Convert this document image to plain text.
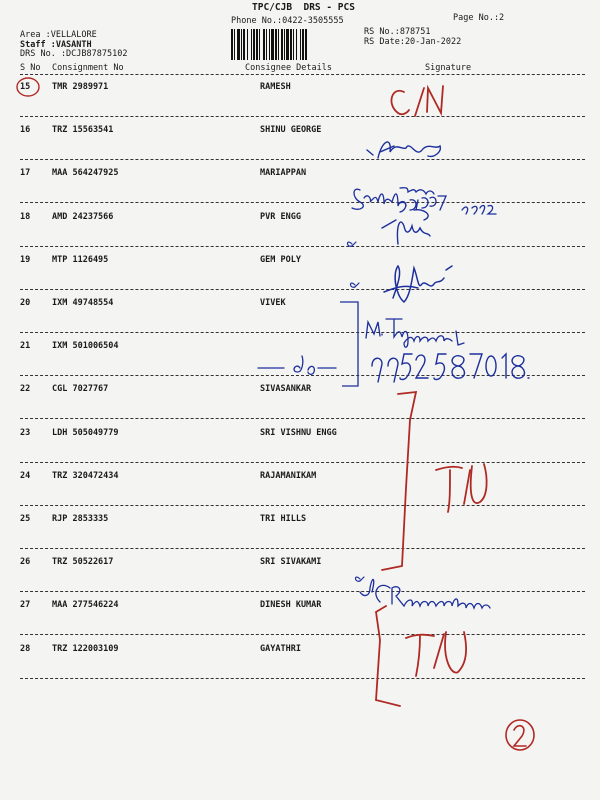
TPC/CJB  DRS - PCS
Phone No.:0422-3505555	Page No.:2
RS No.:878751
RS Date:20-Jan-2022
Area :VELLALORE
Staff :VASANTH
DRS No. :DCJB87875102
S No Consignment No	Consignee Details	Signature
15	TMR 2989971	RAMESH
16	TRZ 15563541	SHINU GEORGE
17	MAA 564247925	MARIAPPAN
18	AMD 24237566	PVR ENGG
19	MTP 1126495	GEM POLY
20	IXM 49748554	VIVEK
21	IXM 501006504
22	CGL 7027767	SIVASANKAR
23	LDH 505049779	SRI VISHNU ENGG
24	TRZ 320472434	RAJAMANIKAM
25	RJP 2853335	TRI HILLS
26	TRZ 50522617	SRI SIVAKAMI
27	MAA 277546224	DINESH KUMAR
28	TRZ 122003109	GAYATHRI
